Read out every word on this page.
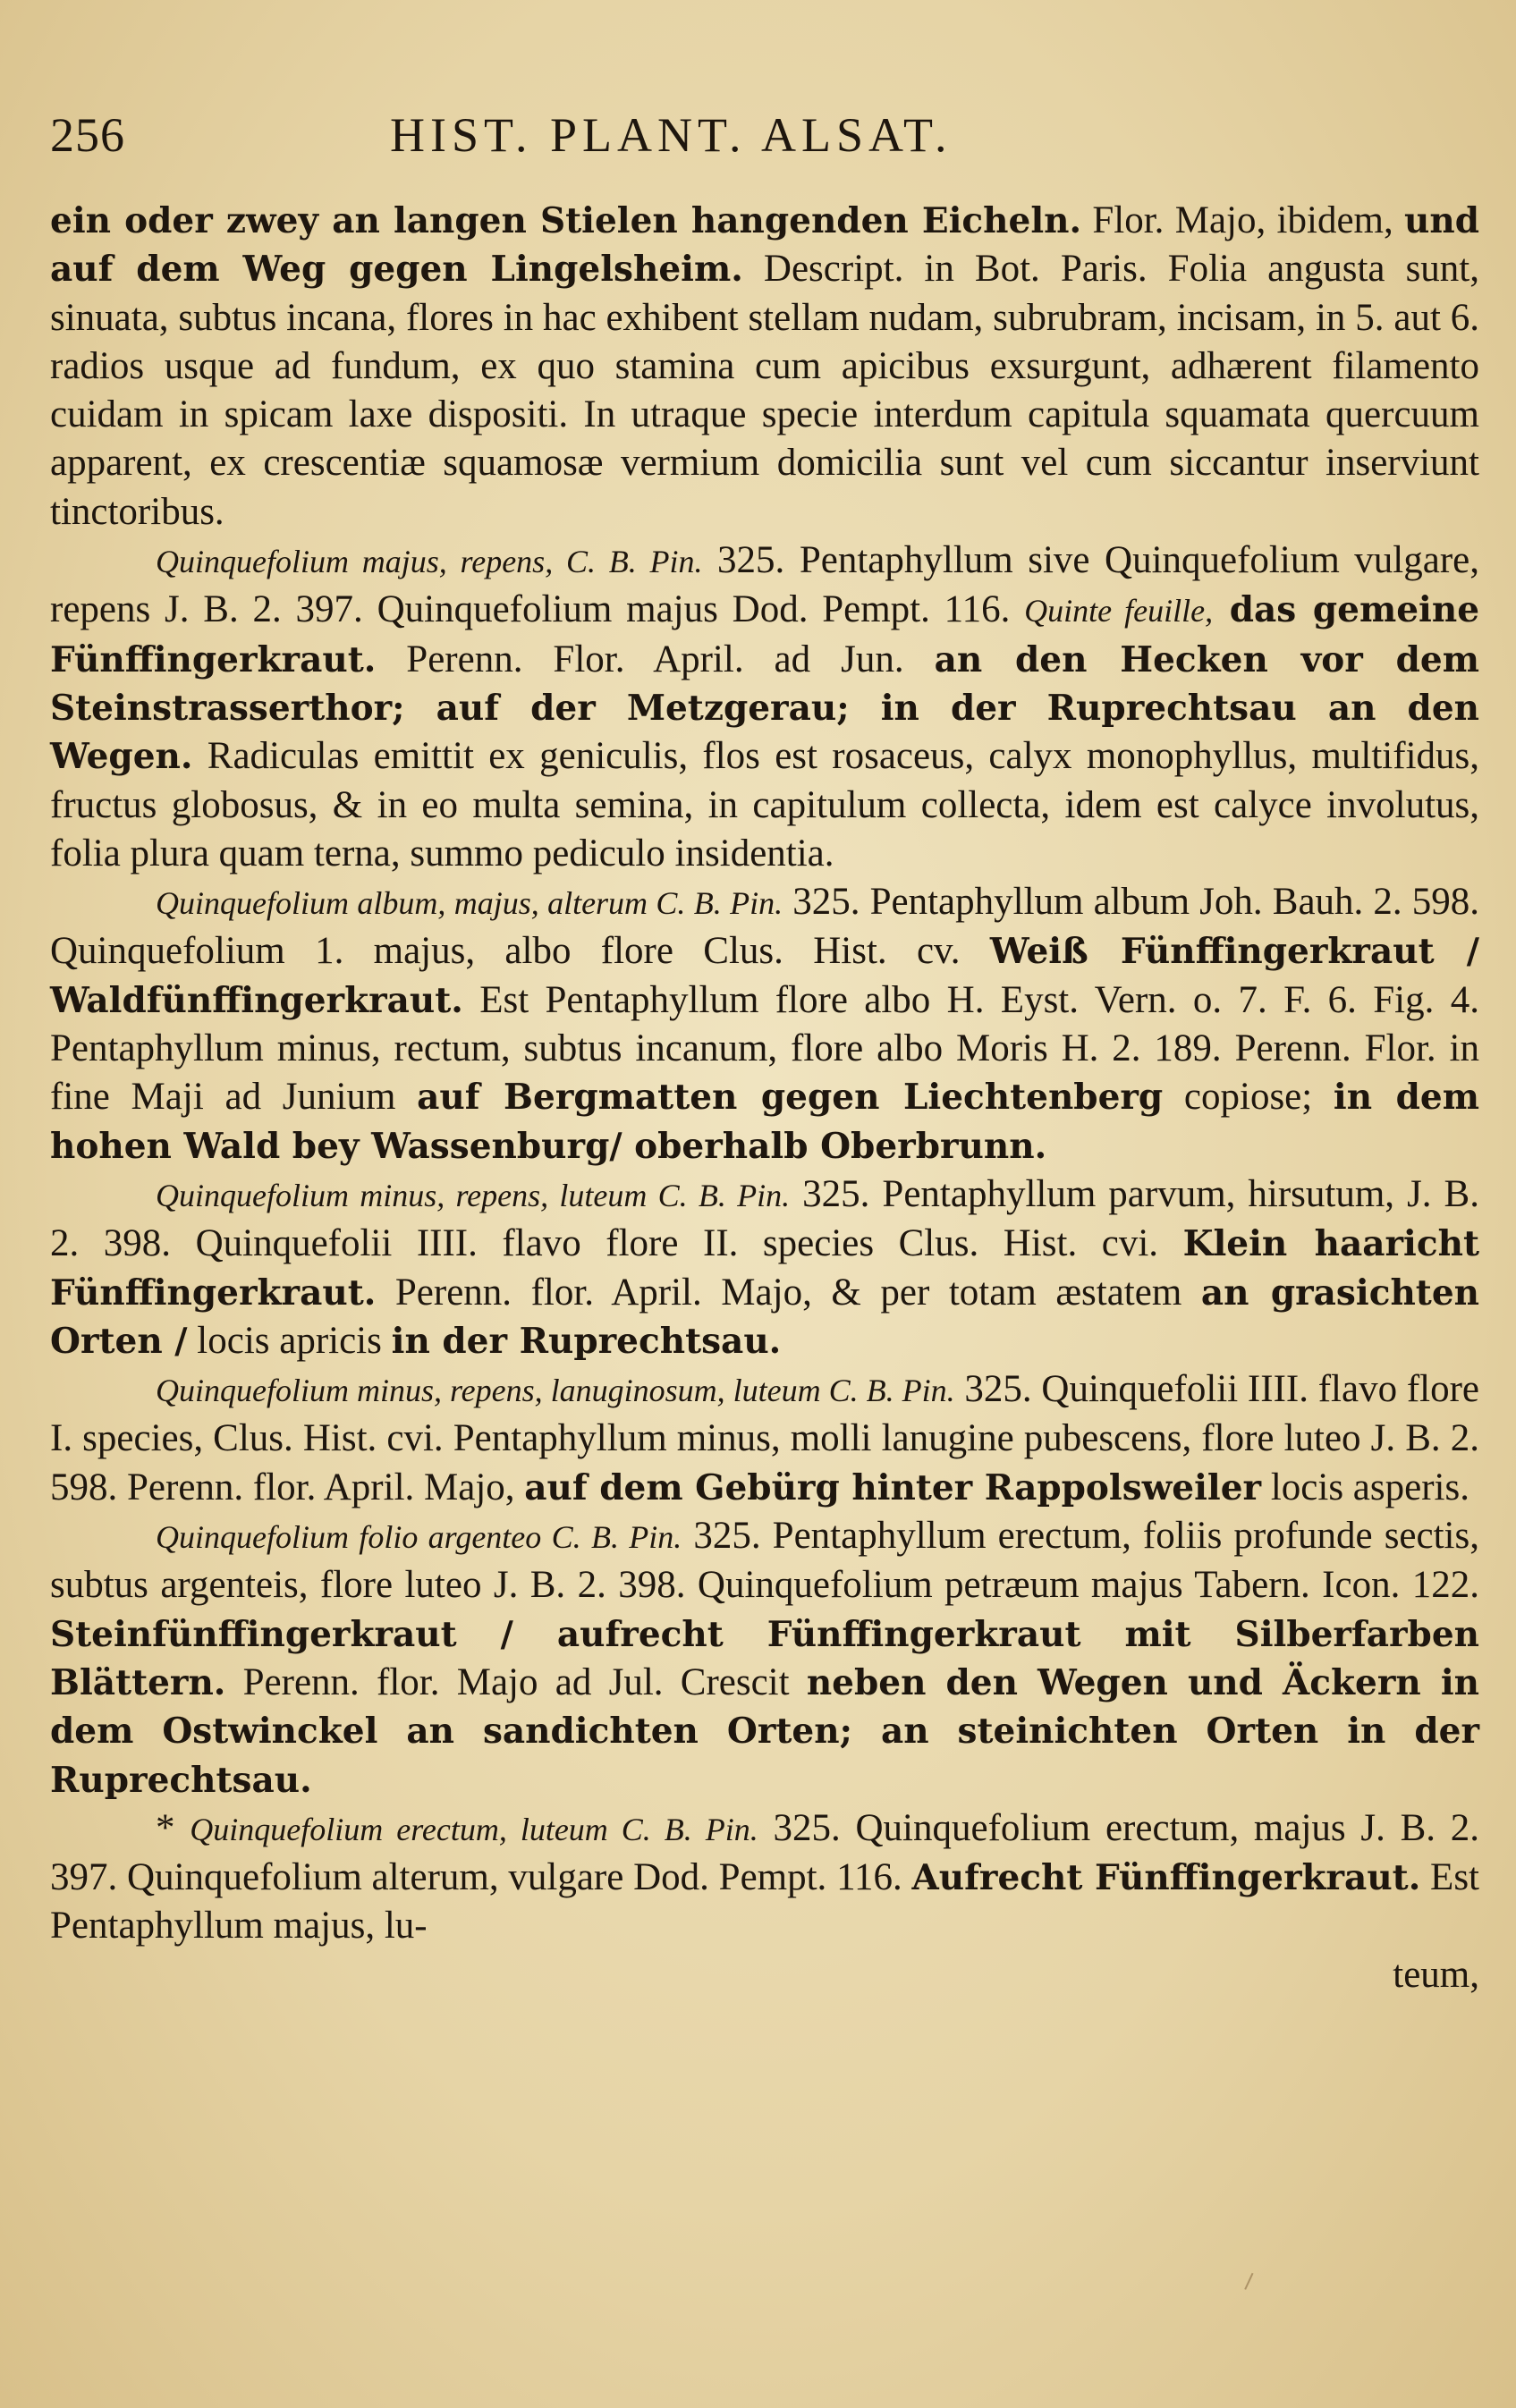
256	HIST. PLANT. ALSAT.

ein oder zwey an langen Stielen hangenden Eicheln. Flor. Majo, ibidem, und auf dem Weg gegen Lingelsheim. Descript. in Bot. Paris. Folia angusta sunt, sinuata, subtus incana, flores in hac exhibent stellam nudam, subrubram, incisam, in 5. aut 6. radios usque ad fundum, ex quo stamina cum apicibus exsurgunt, adhærent filamento cuidam in spicam laxe dispositi. In utraque specie interdum capitula squamata quercuum apparent, ex crescentiæ squamosæ vermium domicilia sunt vel cum siccantur inserviunt tinctoribus.

Quinquefolium majus, repens, C. B. Pin. 325. Pentaphyllum sive Quinquefolium vulgare, repens J. B. 2. 397. Quinquefolium majus Dod. Pempt. 116. Quinte feuille, das gemeine Fünffingerkraut. Perenn. Flor. April. ad Jun. an den Hecken vor dem Steinstrasserthor; auf der Metzgerau; in der Ruprechtsau an den Wegen. Radiculas emittit ex geniculis, flos est rosaceus, calyx monophyllus, multifidus, fructus globosus, & in eo multa semina, in capitulum collecta, idem est calyce involutus, folia plura quam terna, summo pediculo insidentia.

Quinquefolium album, majus, alterum C. B. Pin. 325. Pentaphyllum album Joh. Bauh. 2. 598. Quinquefolium 1. majus, albo flore Clus. Hist. cv. Weiß Fünffingerkraut / Waldfünffingerkraut. Est Pentaphyllum flore albo H. Eyst. Vern. o. 7. F. 6. Fig. 4. Pentaphyllum minus, rectum, subtus incanum, flore albo Moris H. 2. 189. Perenn. Flor. in fine Maji ad Junium auf Bergmatten gegen Liechtenberg copiose; in dem hohen Wald bey Wassenburg/ oberhalb Oberbrunn.

Quinquefolium minus, repens, luteum C. B. Pin. 325. Pentaphyllum parvum, hirsutum, J. B. 2. 398. Quinquefolii IIII. flavo flore II. species Clus. Hist. cvi. Klein haaricht Fünffingerkraut. Perenn. flor. April. Majo, & per totam æstatem an grasichten Orten / locis apricis in der Ruprechtsau.

Quinquefolium minus, repens, lanuginosum, luteum C. B. Pin. 325. Quinquefolii IIII. flavo flore I. species, Clus. Hist. cvi. Pentaphyllum minus, molli lanugine pubescens, flore luteo J. B. 2. 598. Perenn. flor. April. Majo, auf dem Gebürg hinter Rappolsweiler locis asperis.

Quinquefolium folio argenteo C. B. Pin. 325. Pentaphyllum erectum, foliis profunde sectis, subtus argenteis, flore luteo J. B. 2. 398. Quinquefolium petræum majus Tabern. Icon. 122. Steinfünffingerkraut / aufrecht Fünffingerkraut mit Silberfarben Blättern. Perenn. flor. Majo ad Jul. Crescit neben den Wegen und Äckern in dem Ostwinckel an sandichten Orten; an steinichten Orten in der Ruprechtsau.

* Quinquefolium erectum, luteum C. B. Pin. 325. Quinquefolium erectum, majus J. B. 2. 397. Quinquefolium alterum, vulgare Dod. Pempt. 116. Aufrecht Fünffingerkraut. Est Pentaphyllum majus, lu-

teum,
